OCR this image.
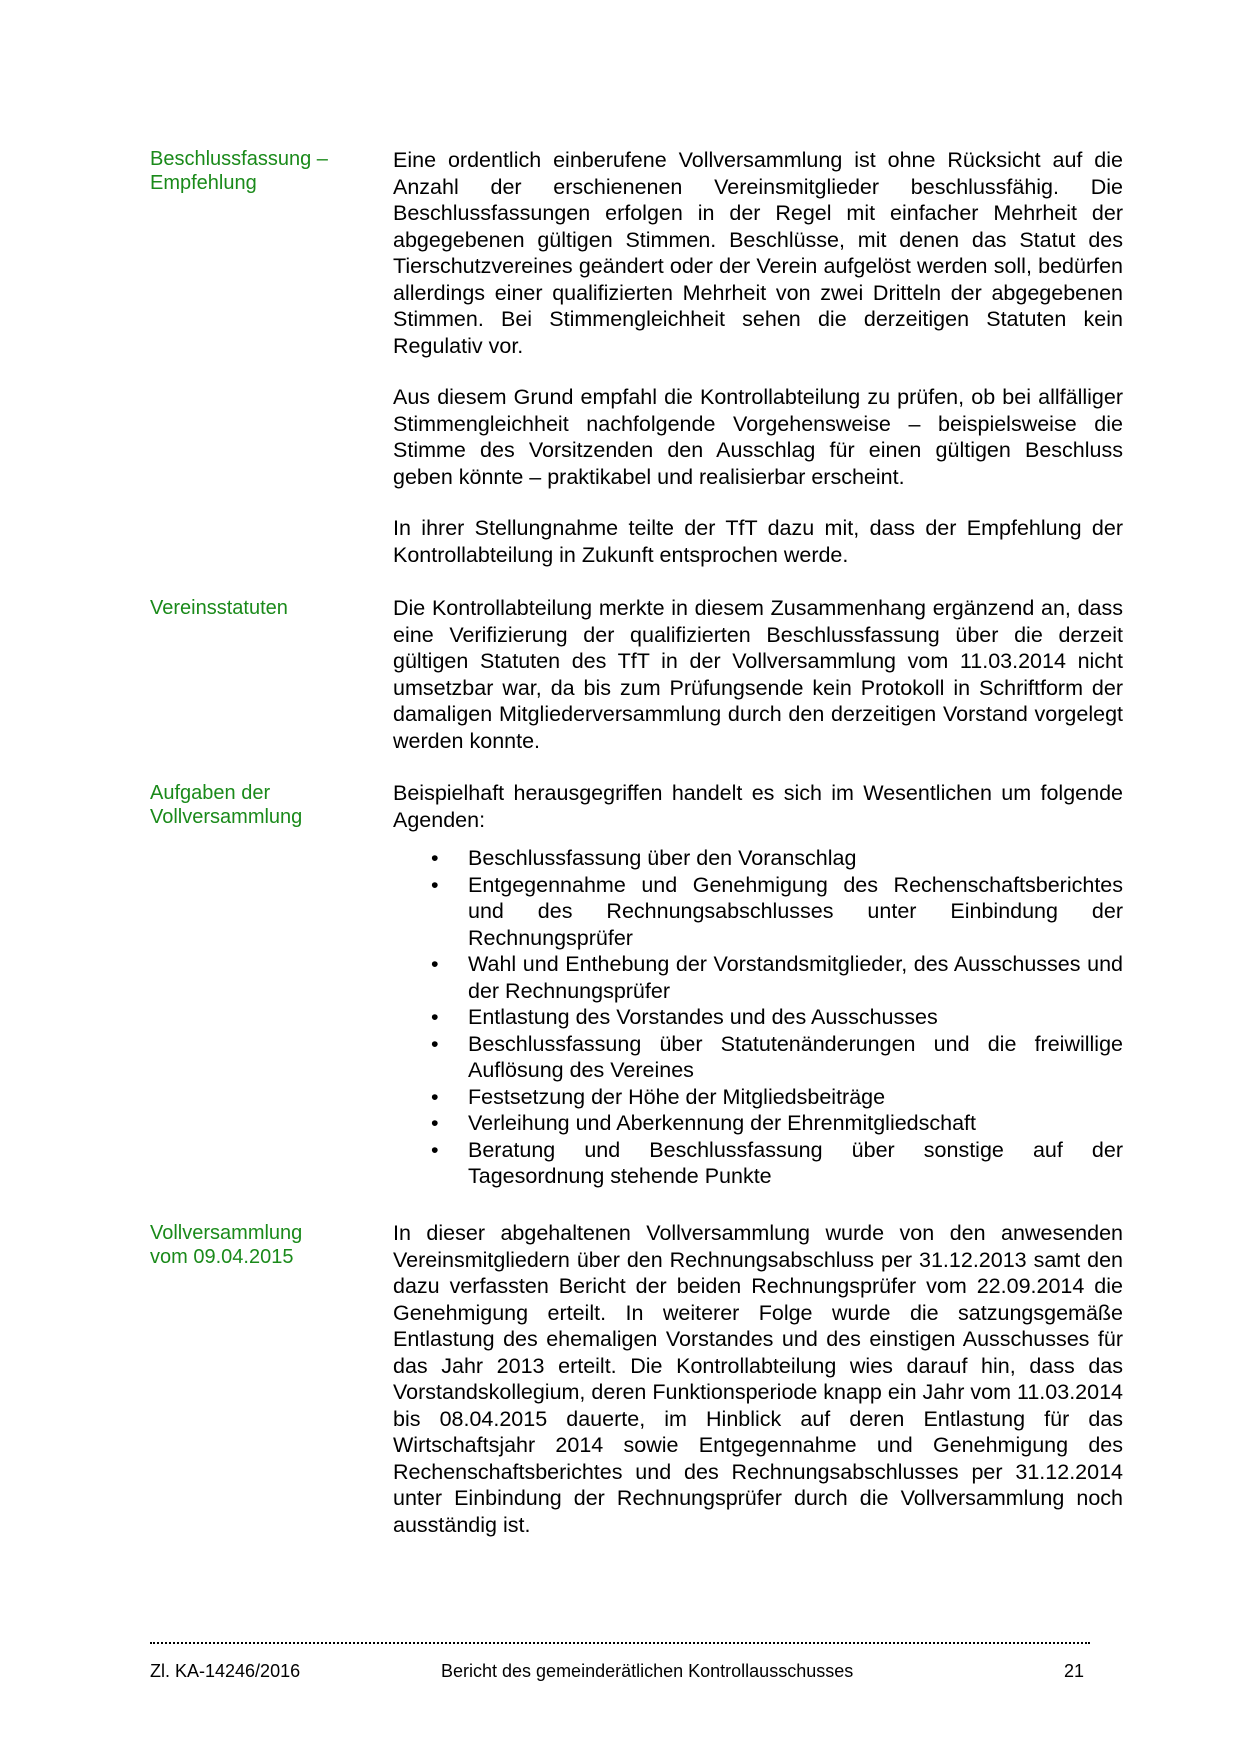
Beschlussfassung –
Empfehlung

Eine ordentlich einberufene Vollversammlung ist ohne Rücksicht auf die Anzahl der erschienenen Vereinsmitglieder beschlussfähig. Die Beschlussfassungen erfolgen in der Regel mit einfacher Mehrheit der abgegebenen gültigen Stimmen. Beschlüsse, mit denen das Statut des Tierschutzvereines geändert oder der Verein aufgelöst werden soll, bedürfen allerdings einer qualifizierten Mehrheit von zwei Dritteln der abgegebenen Stimmen. Bei Stimmengleichheit sehen die derzeitigen Statuten kein Regulativ vor.

Aus diesem Grund empfahl die Kontrollabteilung zu prüfen, ob bei allfälliger Stimmengleichheit nachfolgende Vorgehensweise – beispielsweise die Stimme des Vorsitzenden den Ausschlag für einen gültigen Beschluss geben könnte – praktikabel und realisierbar erscheint.

In ihrer Stellungnahme teilte der TfT dazu mit, dass der Empfehlung der Kontrollabteilung in Zukunft entsprochen werde.

Vereinsstatuten	Die Kontrollabteilung merkte in diesem Zusammenhang ergänzend an, dass eine Verifizierung der qualifizierten Beschlussfassung über die derzeit gültigen Statuten des TfT in der Vollversammlung vom 11.03.2014 nicht umsetzbar war, da bis zum Prüfungsende kein Protokoll in Schriftform der damaligen Mitgliederversammlung durch den derzeitigen Vorstand vorgelegt werden konnte.

Aufgaben der
Vollversammlung

Beispielhaft herausgegriffen handelt es sich im Wesentlichen um folgende Agenden:

• Beschlussfassung über den Voranschlag
• Entgegennahme und Genehmigung des Rechenschaftsberichtes und des Rechnungsabschlusses unter Einbindung der Rechnungsprüfer
• Wahl und Enthebung der Vorstandsmitglieder, des Ausschusses und der Rechnungsprüfer
• Entlastung des Vorstandes und des Ausschusses
• Beschlussfassung über Statutenänderungen und die freiwillige Auflösung des Vereines
• Festsetzung der Höhe der Mitgliedsbeiträge
• Verleihung und Aberkennung der Ehrenmitgliedschaft
• Beratung und Beschlussfassung über sonstige auf der Tagesordnung stehende Punkte
Vollversammlung
vom 09.04.2015

In dieser abgehaltenen Vollversammlung wurde von den anwesenden Vereinsmitgliedern über den Rechnungsabschluss per 31.12.2013 samt den dazu verfassten Bericht der beiden Rechnungsprüfer vom 22.09.2014 die Genehmigung erteilt. In weiterer Folge wurde die satzungsgemäße Entlastung des ehemaligen Vorstandes und des einstigen Ausschusses für das Jahr 2013 erteilt. Die Kontrollabteilung wies darauf hin, dass das Vorstandskollegium, deren Funktionsperiode knapp ein Jahr vom 11.03.2014 bis 08.04.2015 dauerte, im Hinblick auf deren Entlastung für das Wirtschaftsjahr 2014 sowie Entgegennahme und Genehmigung des Rechenschaftsberichtes und des Rechnungsabschlusses per 31.12.2014 unter Einbindung der Rechnungsprüfer durch die Vollversammlung noch ausständig ist.

Zl. KA-14246/2016	Bericht des gemeinderätlichen Kontrollausschusses	21
